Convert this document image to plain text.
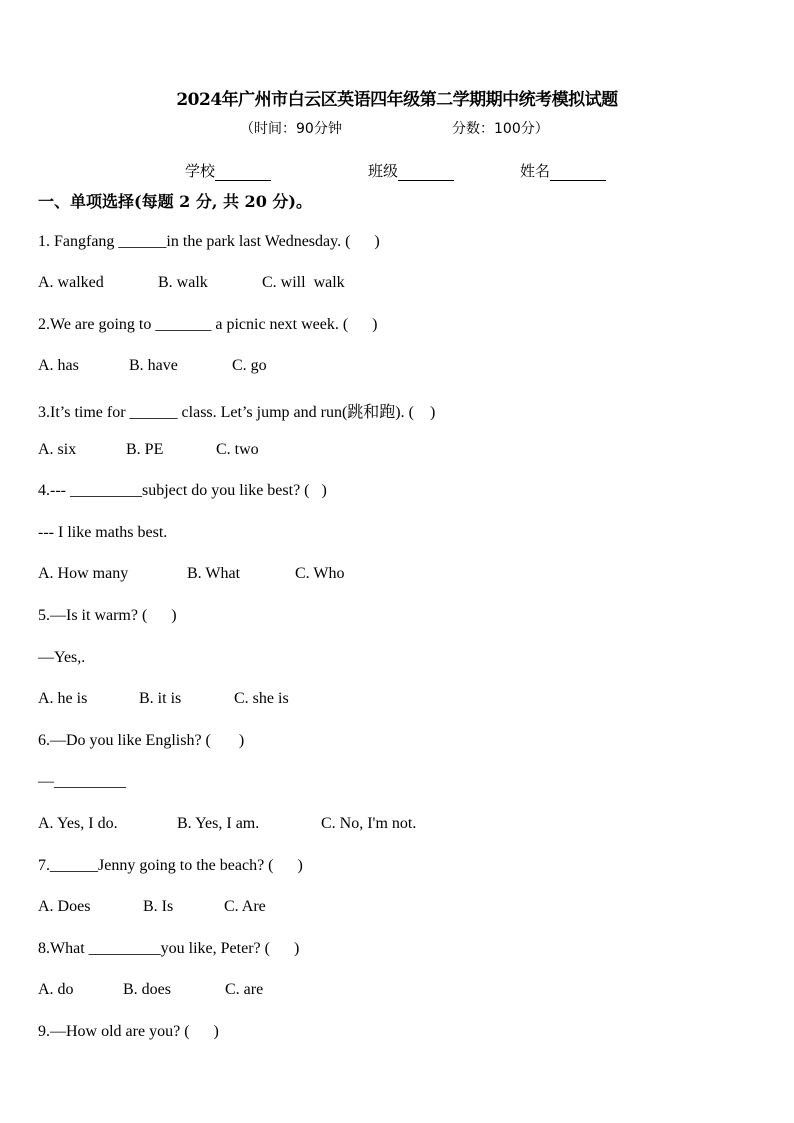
2024年广州市白云区英语四年级第二学期期中统考模拟试题
（时间：90分钟	分数：100分）
学校	班级	姓名
一、单项选择(每题 2 分, 共 20 分)。
1. Fangfang ______in the park last Wednesday. (      )
A. walked	B. walk	C. will  walk
2.We are going to _______ a picnic next week. (      )
A. has	B. have	C. go
3.It’s time for ______ class. Let’s jump and run(跳和跑). (    )
A. six	B. PE	C. two
4.--- _________subject do you like best? (   )
--- I like maths best.
A. How many	B. What	C. Who
5.—Is it warm? (      )
—Yes,.
A. he is	B. it is	C. she is
6.—Do you like English? (       )
—_________
A. Yes, I do.	B. Yes, I am.	C. No, I'm not.
7.______Jenny going to the beach? (      )
A. Does	B. Is	C. Are
8.What _________you like, Peter? (      )
A. do	B. does	C. are
9.—How old are you? (      )
